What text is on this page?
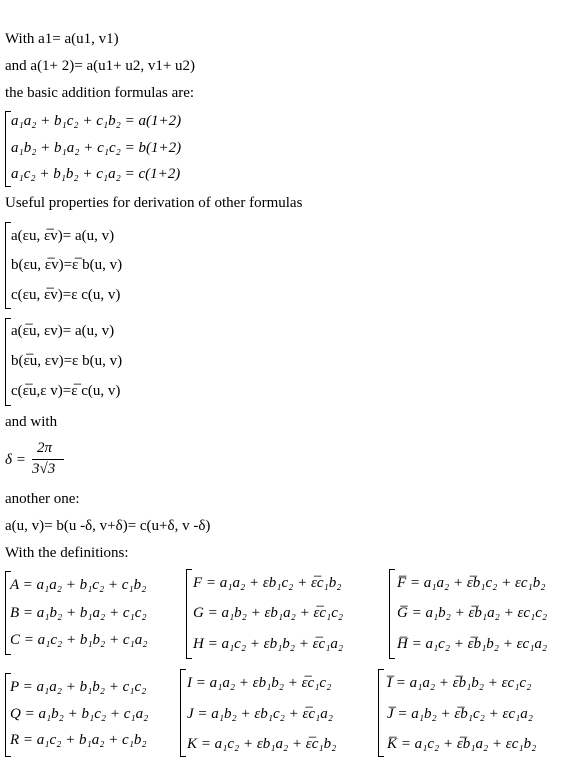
With a1= a(u1, v1)
and a(1+ 2)= a(u1+ u2, v1+ u2)
the basic addition formulas are:
a₁a₂ + b₁c₂ + c₁b₂ = a(1+2)
a₁b₂ + b₁a₂ + c₁c₂ = b(1+2)
a₁c₂ + b₁b₂ + c₁a₂ = c(1+2)
Useful properties for derivation of other formulas
a(εu, ε̅v)= a(u, v)
b(εu, ε̅v)=ε̅ b(u, v)
c(εu, ε̅v)=ε c(u, v)
a(ε̅u, εv)= a(u, v)
b(ε̅u, εv)=ε b(u, v)
c(ε̅u,ε v)=ε̅ c(u, v)
and with
δ =
2π
3√3
another one:
a(u, v)= b(u -δ, v+δ)= c(u+δ, v -δ)
With the definitions:
A = a₁a₂ + b₁c₂ + c₁b₂
B = a₁b₂ + b₁a₂ + c₁c₂
C = a₁c₂ + b₁b₂ + c₁a₂
F = a₁a₂ + εb₁c₂ + ε̅c₁b₂
G = a₁b₂ + εb₁a₂ + ε̅c₁c₂
H = a₁c₂ + εb₁b₂ + ε̅c₁a₂
F̅ = a₁a₂ + ε̅b₁c₂ + εc₁b₂
G̅ = a₁b₂ + ε̅b₁a₂ + εc₁c₂
H̅ = a₁c₂ + ε̅b₁b₂ + εc₁a₂
P = a₁a₂ + b₁b₂ + c₁c₂
Q = a₁b₂ + b₁c₂ + c₁a₂
R = a₁c₂ + b₁a₂ + c₁b₂
I = a₁a₂ + εb₁b₂ + ε̅c₁c₂
J = a₁b₂ + εb₁c₂ + ε̅c₁a₂
K = a₁c₂ + εb₁a₂ + ε̅c₁b₂
I̅ = a₁a₂ + ε̅b₁b₂ + εc₁c₂
J̅ = a₁b₂ + ε̅b₁c₂ + εc₁a₂
K̅ = a₁c₂ + ε̅b₁a₂ + εc₁b₂
